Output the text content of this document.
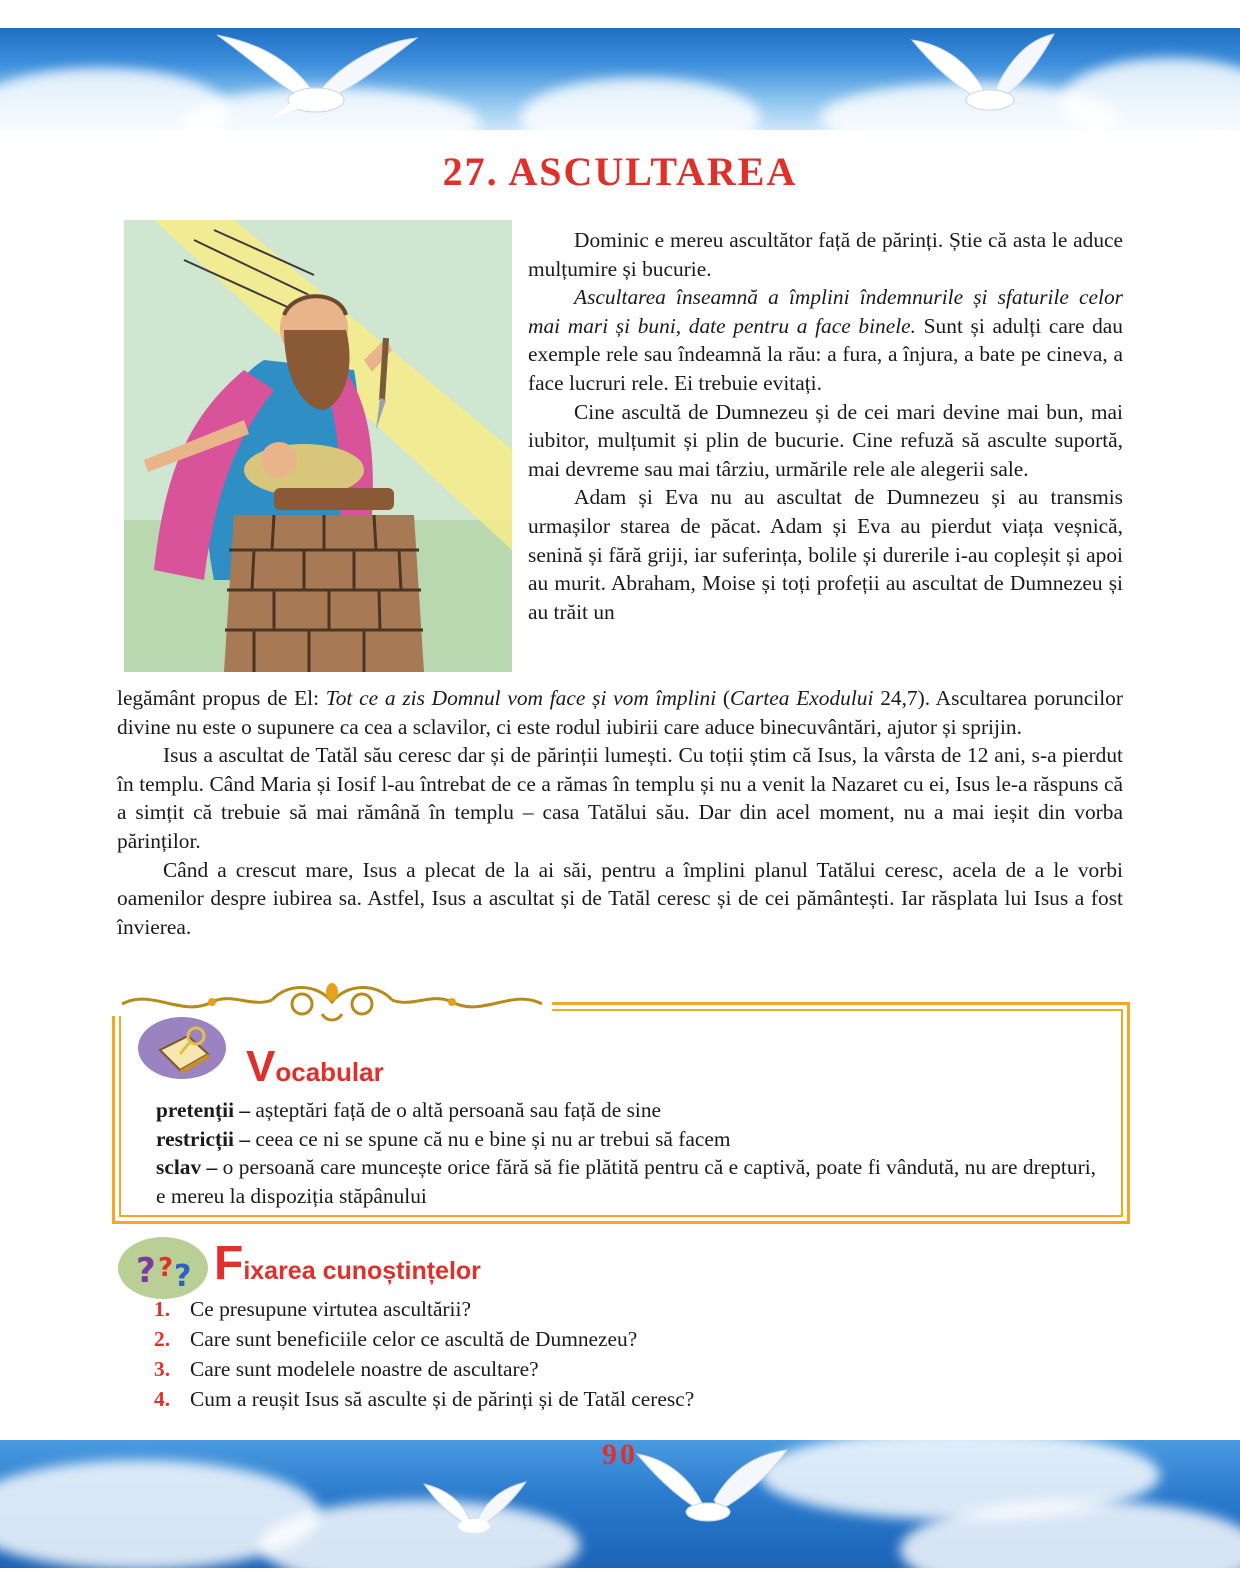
27. ASCULTAREA

Dominic e mereu ascultător față de părinți. Știe că asta le aduce mulțumire și bucurie.

Ascultarea înseamnă a împlini îndemnurile și sfaturile celor mai mari și buni, date pentru a face binele. Sunt și adulți care dau exemple rele sau îndeamnă la rău: a fura, a înjura, a bate pe cineva, a face lucruri rele. Ei trebuie evitați.

Cine ascultă de Dumnezeu și de cei mari devine mai bun, mai iubitor, mulțumit și plin de bucurie. Cine refuză să asculte suportă, mai devreme sau mai târziu, urmările rele ale alegerii sale.

Adam și Eva nu au ascultat de Dumnezeu și au transmis urmașilor starea de păcat. Adam și Eva au pierdut viața veșnică, senină și fără griji, iar suferința, bolile și durerile i-au copleșit și apoi au murit. Abraham, Moise și toți profeții au ascultat de Dumnezeu și au trăit un

legământ propus de El: Tot ce a zis Domnul vom face și vom împlini (Cartea Exodului 24,7). Ascultarea poruncilor divine nu este o supunere ca cea a sclavilor, ci este rodul iubirii care aduce binecuvântări, ajutor și sprijin.

Isus a ascultat de Tatăl său ceresc dar și de părinții lumești. Cu toții știm că Isus, la vârsta de 12 ani, s-a pierdut în templu. Când Maria și Iosif l-au întrebat de ce a rămas în templu și nu a venit la Nazaret cu ei, Isus le-a răspuns că a simțit că trebuie să mai rămână în templu – casa Tatălui său. Dar din acel moment, nu a mai ieșit din vorba părinților.

Când a crescut mare, Isus a plecat de la ai săi, pentru a împlini planul Tatălui ceresc, acela de a le vorbi oamenilor despre iubirea sa. Astfel, Isus a ascultat și de Tatăl ceresc și de cei pământești. Iar răsplata lui Isus a fost învierea.

Vocabular

pretenții – așteptări față de o altă persoană sau față de sine

restricții – ceea ce ni se spune că nu e bine și nu ar trebui să facem

sclav – o persoană care muncește orice fără să fie plătită pentru că e captivă, poate fi vândută, nu are drepturi, e mereu la dispoziția stăpânului

? ? ? Fixarea cunoștințelor
1. Ce presupune virtutea ascultării?
2. Care sunt beneficiile celor ce ascultă de Dumnezeu?
3. Care sunt modelele noastre de ascultare?
4. Cum a reușit Isus să asculte și de părinți și de Tatăl ceresc?
90
